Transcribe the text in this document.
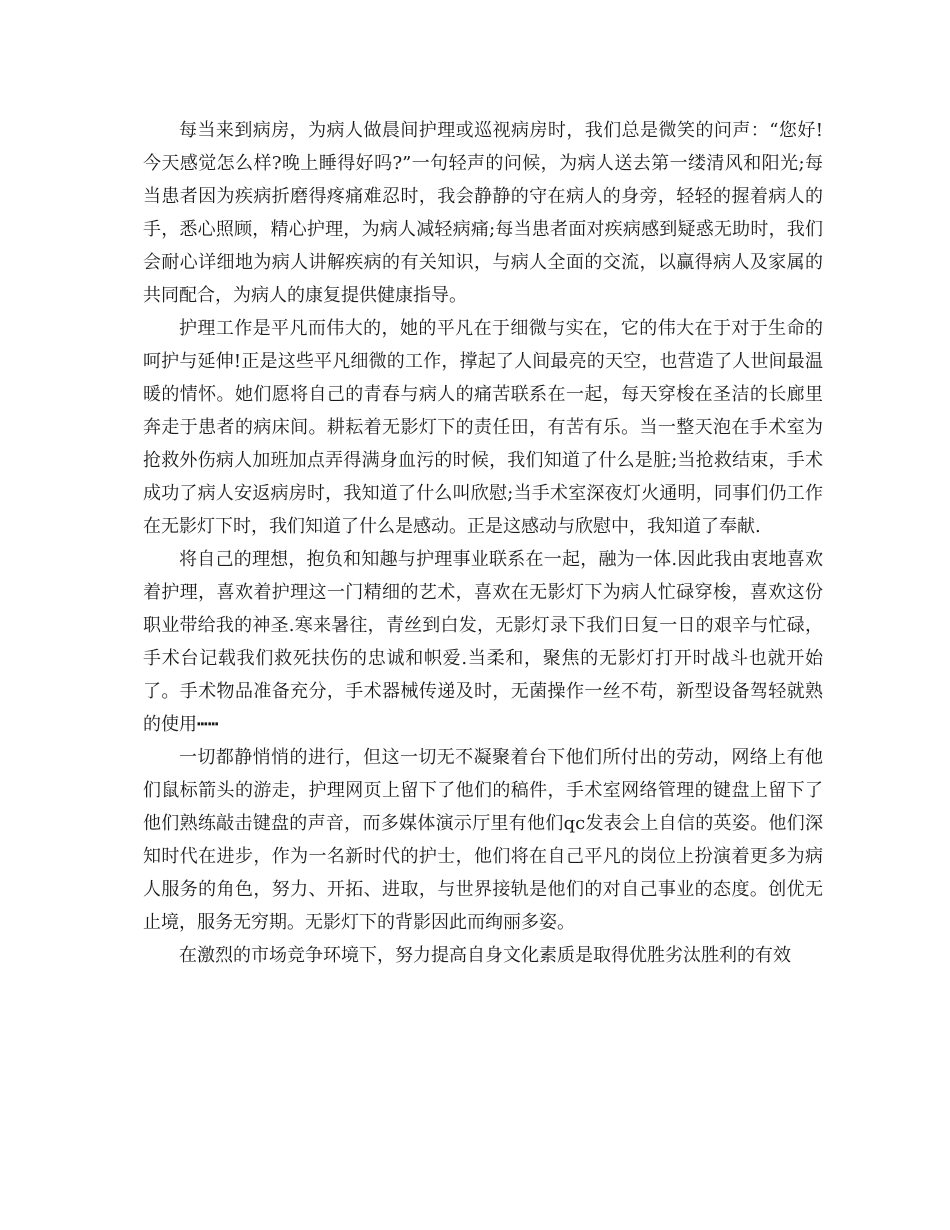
每当来到病房，为病人做晨间护理或巡视病房时，我们总是微笑的问声：“您好!今天感觉怎么样?晚上睡得好吗?”一句轻声的问候，为病人送去第一缕清风和阳光;每当患者因为疾病折磨得疼痛难忍时，我会静静的守在病人的身旁，轻轻的握着病人的手，悉心照顾，精心护理，为病人减轻病痛;每当患者面对疾病感到疑惑无助时，我们会耐心详细地为病人讲解疾病的有关知识，与病人全面的交流，以赢得病人及家属的共同配合，为病人的康复提供健康指导。

护理工作是平凡而伟大的，她的平凡在于细微与实在，它的伟大在于对于生命的呵护与延伸!正是这些平凡细微的工作，撑起了人间最亮的天空，也营造了人世间最温暖的情怀。她们愿将自己的青春与病人的痛苦联系在一起，每天穿梭在圣洁的长廊里奔走于患者的病床间。耕耘着无影灯下的责任田，有苦有乐。当一整天泡在手术室为抢救外伤病人加班加点弄得满身血污的时候，我们知道了什么是脏;当抢救结束，手术成功了病人安返病房时，我知道了什么叫欣慰;当手术室深夜灯火通明，同事们仍工作在无影灯下时，我们知道了什么是感动。正是这感动与欣慰中，我知道了奉献.

将自己的理想，抱负和知趣与护理事业联系在一起，融为一体.因此我由衷地喜欢着护理，喜欢着护理这一门精细的艺术，喜欢在无影灯下为病人忙碌穿梭，喜欢这份职业带给我的神圣.寒来暑往，青丝到白发，无影灯录下我们日复一日的艰辛与忙碌，手术台记载我们救死扶伤的忠诚和帜爱.当柔和，聚焦的无影灯打开时战斗也就开始了。手术物品准备充分，手术器械传递及时，无菌操作一丝不苟，新型设备驾轻就熟的使用┅┅

一切都静悄悄的进行，但这一切无不凝聚着台下他们所付出的劳动，网络上有他们鼠标箭头的游走，护理网页上留下了他们的稿件，手术室网络管理的键盘上留下了他们熟练敲击键盘的声音，而多媒体演示厅里有他们qc发表会上自信的英姿。他们深知时代在进步，作为一名新时代的护士，他们将在自己平凡的岗位上扮演着更多为病人服务的角色，努力、开拓、进取，与世界接轨是他们的对自己事业的态度。创优无止境，服务无穷期。无影灯下的背影因此而绚丽多姿。

在激烈的市场竞争环境下，努力提高自身文化素质是取得优胜劣汰胜利的有效
